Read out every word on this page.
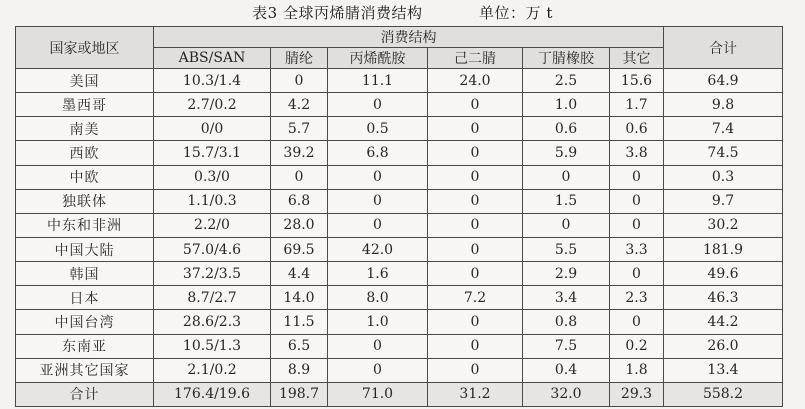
表3 全球丙烯腈消费结构	单位：万 t
国家或地区	消费结构						合计
	ABS/SAN	腈纶	丙烯酰胺	己二腈	丁腈橡胶	其它	
美国	10.3/1.4	0	11.1	24.0	2.5	15.6	64.9
墨西哥	2.7/0.2	4.2	0	0	1.0	1.7	9.8
南美	0/0	5.7	0.5	0	0.6	0.6	7.4
西欧	15.7/3.1	39.2	6.8	0	5.9	3.8	74.5
中欧	0.3/0	0	0	0	0	0	0.3
独联体	1.1/0.3	6.8	0	0	1.5	0	9.7
中东和非洲	2.2/0	28.0	0	0	0	0	30.2
中国大陆	57.0/4.6	69.5	42.0	0	5.5	3.3	181.9
韩国	37.2/3.5	4.4	1.6	0	2.9	0	49.6
日本	8.7/2.7	14.0	8.0	7.2	3.4	2.3	46.3
中国台湾	28.6/2.3	11.5	1.0	0	0.8	0	44.2
东南亚	10.5/1.3	6.5	0	0	7.5	0.2	26.0
亚洲其它国家	2.1/0.2	8.9	0	0	0.4	1.8	13.4
合计	176.4/19.6	198.7	71.0	31.2	32.0	29.3	558.2
